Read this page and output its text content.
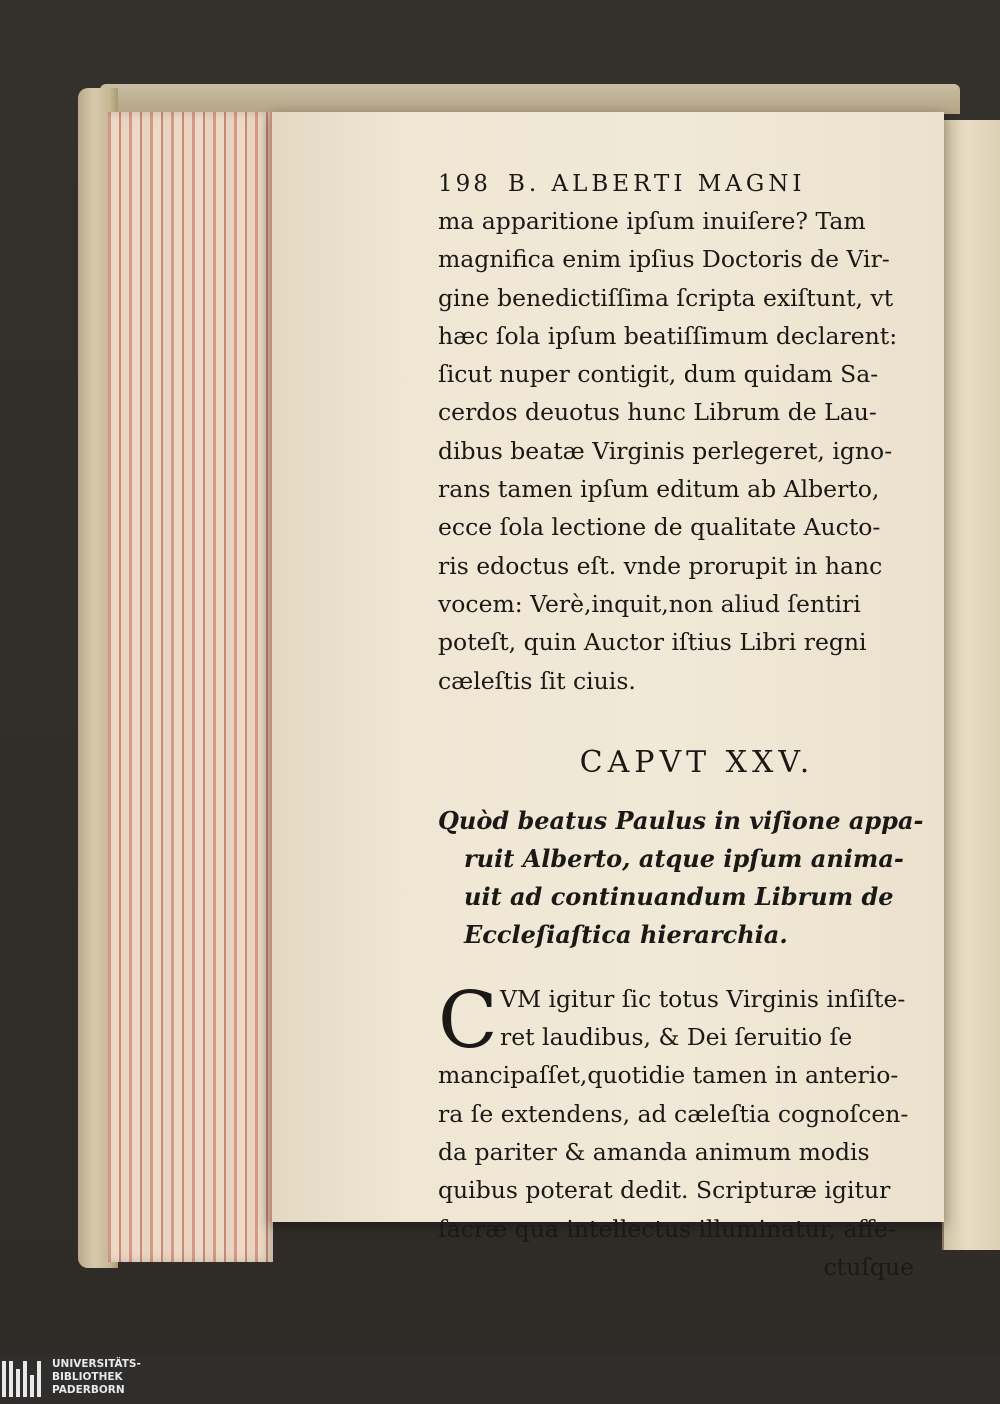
198 B. ALBERTI MAGNI
ma apparitione ipſum inuiſere? Tam
magnifica enim ipſius Doctoris de Vir-
gine benedictiſſima ſcripta exiſtunt, vt
hæc ſola ipſum beatiſſimum declarent:
ſicut nuper contigit, dum quidam Sa-
cerdos deuotus hunc Librum de Lau-
dibus beatæ Virginis perlegeret, igno-
rans tamen ipſum editum ab Alberto,
ecce ſola lectione de qualitate Aucto-
ris edoctus eſt. vnde prorupit in hanc
vocem: Verè,inquit,non aliud ſentiri
poteſt, quin Auctor iſtius Libri regni
cæleſtis ſit ciuis.
CAPVT XXV.
Quòd beatus Paulus in viſione appa-
ruit Alberto, atque ipſum anima-
uit ad continuandum Librum de
Eccleſiaſtica hierarchia.
C VM igitur ſic totus Virginis inſiſte-
ret laudibus, & Dei ſeruitio ſe
mancipaſſet,quotidie tamen in anterio-
ra ſe extendens, ad cæleſtia cognoſcen-
da pariter & amanda animum modis
quibus poterat dedit. Scripturæ igitur
ſacræ qua intellectus illuminatur, affe-
ctuſque
UNIVERSITÄTS-
BIBLIOTHEK
PADERBORN
